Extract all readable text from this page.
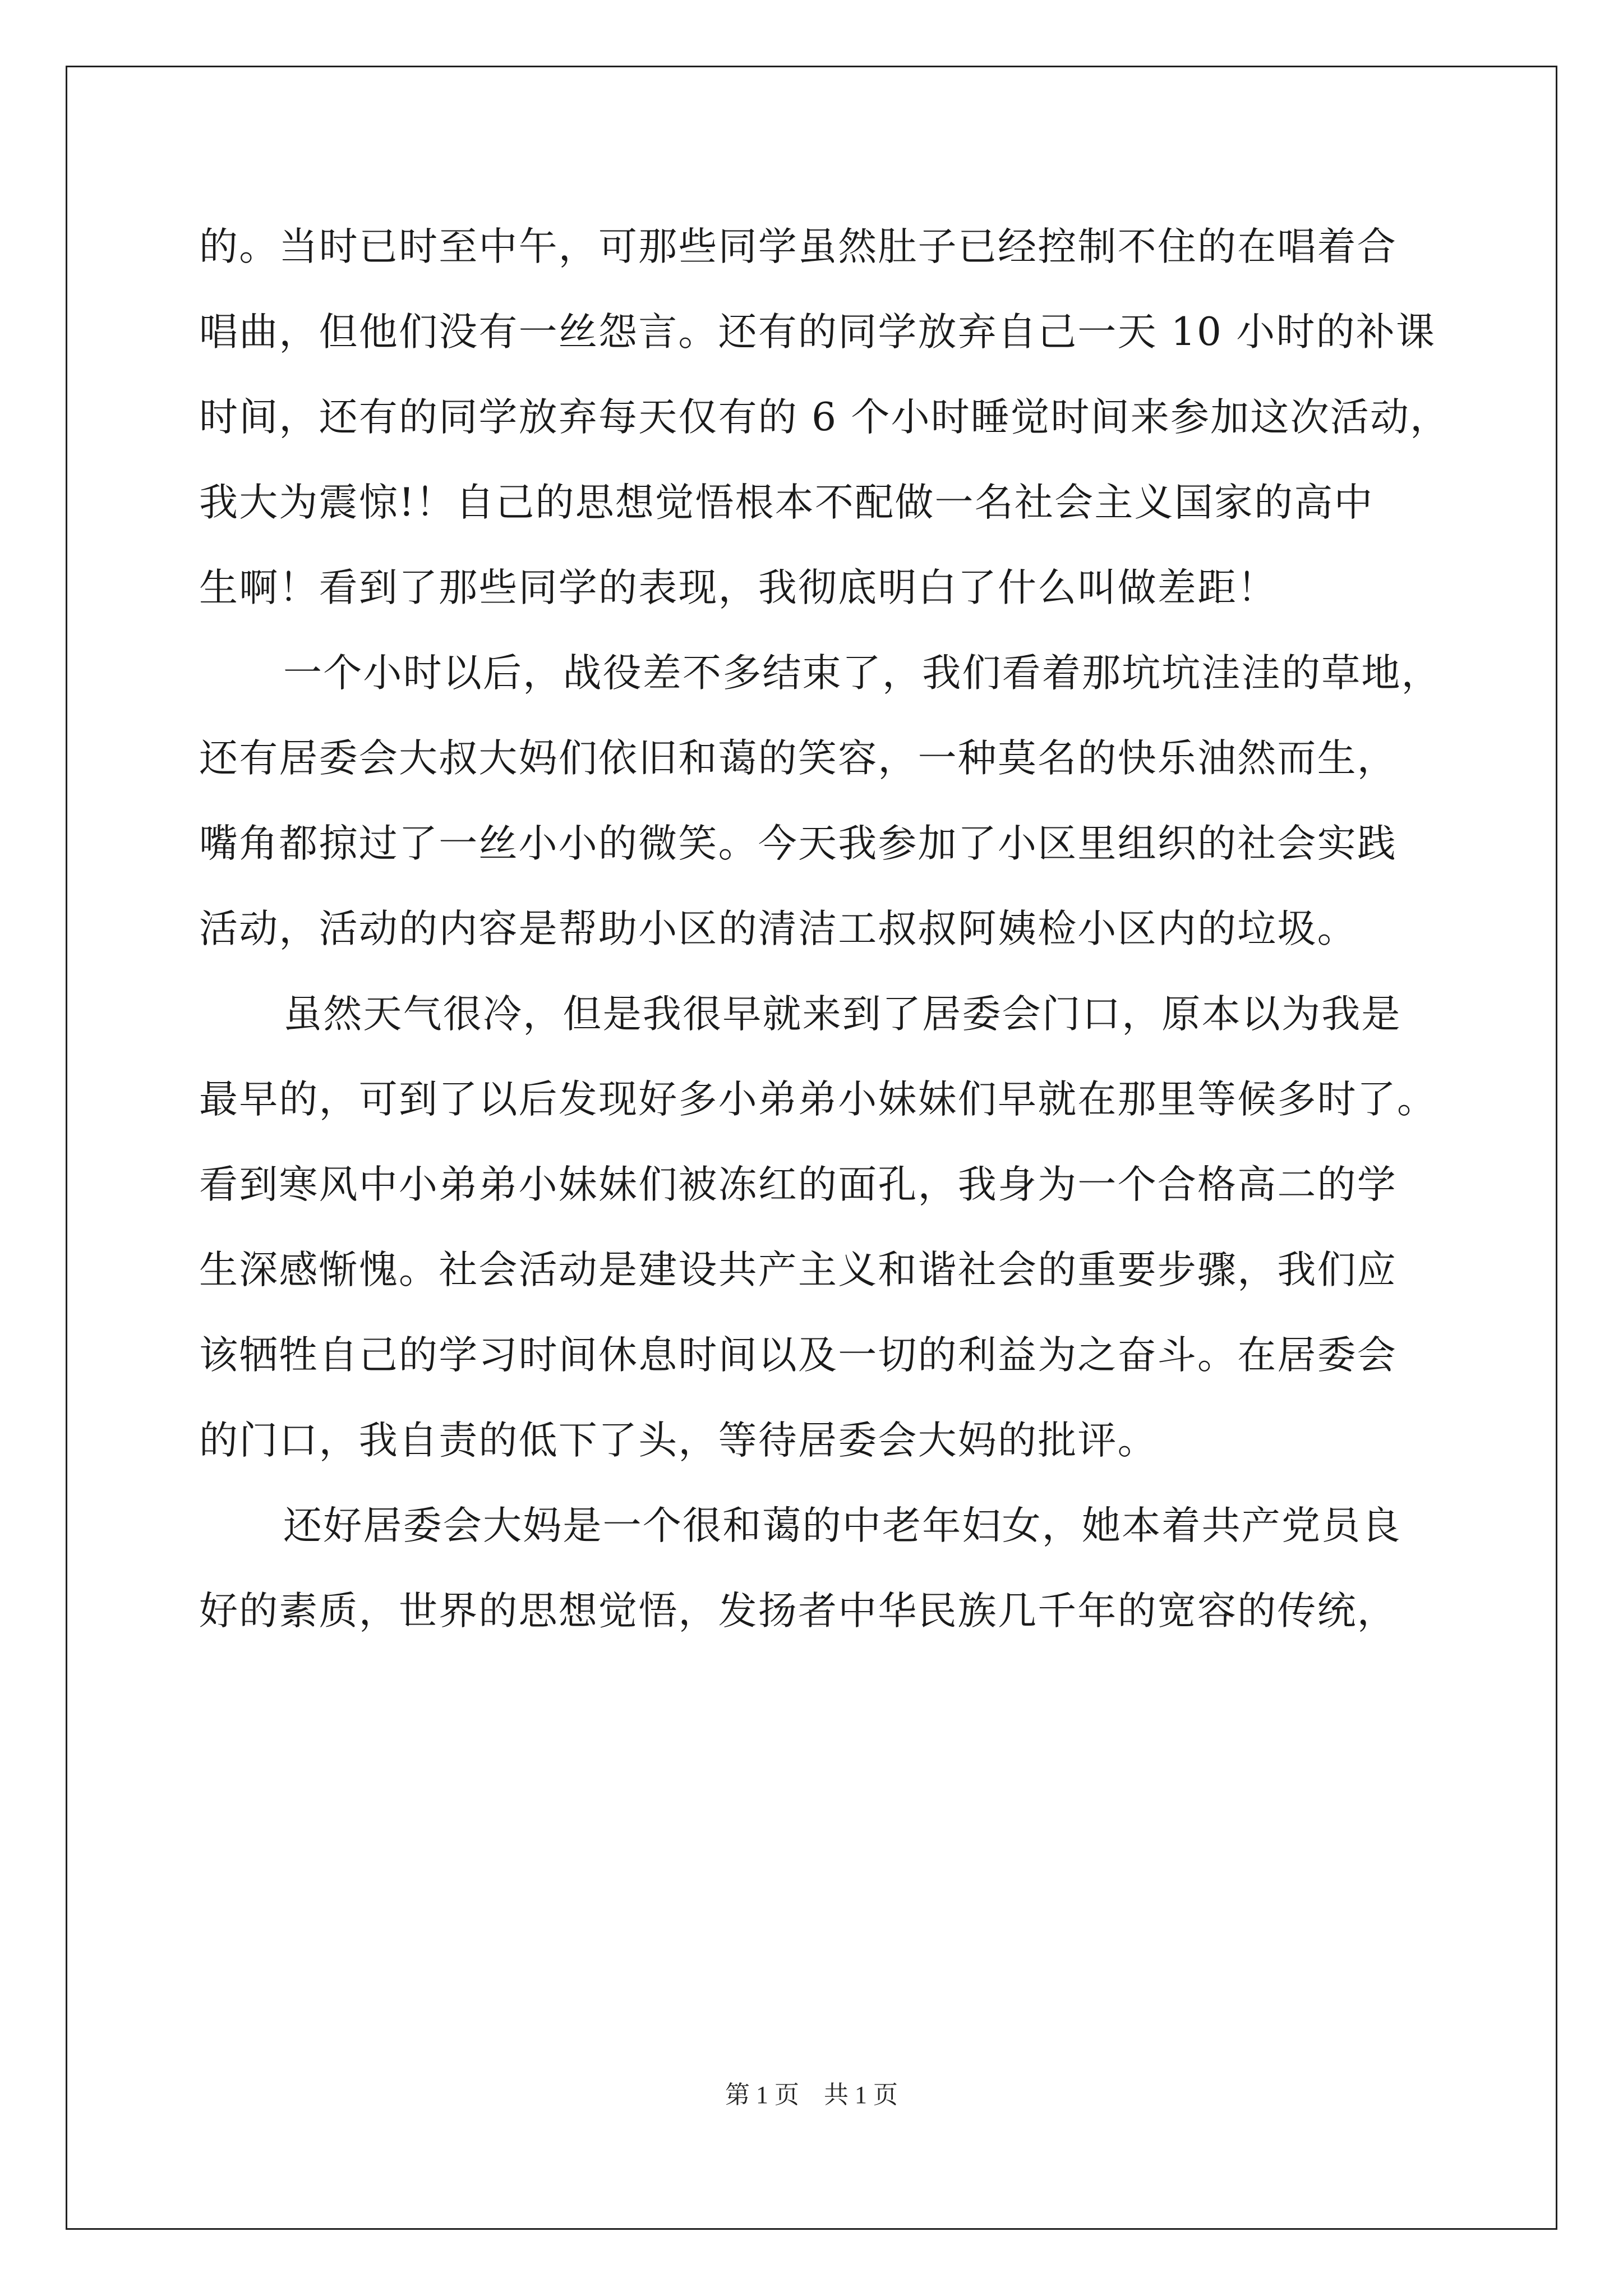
的。当时已时至中午，可那些同学虽然肚子已经控制不住的在唱着合
唱曲，但他们没有一丝怨言。还有的同学放弃自己一天 10 小时的补课
时间，还有的同学放弃每天仅有的 6 个小时睡觉时间来参加这次活动，
我大为震惊!！自己的思想觉悟根本不配做一名社会主义国家的高中
生啊！看到了那些同学的表现，我彻底明白了什么叫做差距！
一个小时以后，战役差不多结束了，我们看着那坑坑洼洼的草地，
还有居委会大叔大妈们依旧和蔼的笑容，一种莫名的快乐油然而生，
嘴角都掠过了一丝小小的微笑。今天我参加了小区里组织的社会实践
活动，活动的内容是帮助小区的清洁工叔叔阿姨检小区内的垃圾。
虽然天气很冷，但是我很早就来到了居委会门口，原本以为我是
最早的，可到了以后发现好多小弟弟小妹妹们早就在那里等候多时了。
看到寒风中小弟弟小妹妹们被冻红的面孔，我身为一个合格高二的学
生深感惭愧。社会活动是建设共产主义和谐社会的重要步骤，我们应
该牺牲自己的学习时间休息时间以及一切的利益为之奋斗。在居委会
的门口，我自责的低下了头，等待居委会大妈的批评。
还好居委会大妈是一个很和蔼的中老年妇女，她本着共产党员良
好的素质，世界的思想觉悟，发扬者中华民族几千年的宽容的传统，
第 1 页 共 1 页
